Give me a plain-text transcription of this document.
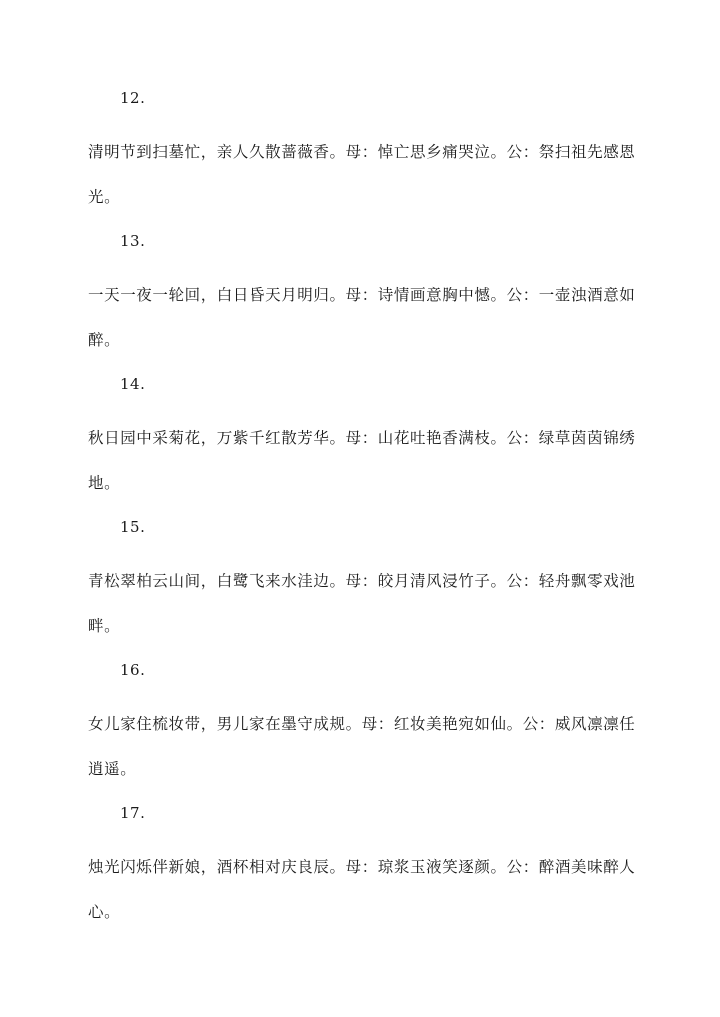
12.
清明节到扫墓忙，亲人久散蔷薇香。母：悼亡思乡痛哭泣。公：祭扫祖先感恩光。
13.
一天一夜一轮回，白日昏天月明归。母：诗情画意胸中憾。公：一壶浊酒意如醉。
14.
秋日园中采菊花，万紫千红散芳华。母：山花吐艳香满枝。公：绿草茵茵锦绣地。
15.
青松翠柏云山间，白鹭飞来水洼边。母：皎月清风浸竹子。公：轻舟飘零戏池畔。
16.
女儿家住梳妆带，男儿家在墨守成规。母：红妆美艳宛如仙。公：威风凛凛任逍遥。
17.
烛光闪烁伴新娘，酒杯相对庆良辰。母：琼浆玉液笑逐颜。公：醉酒美味醉人心。
